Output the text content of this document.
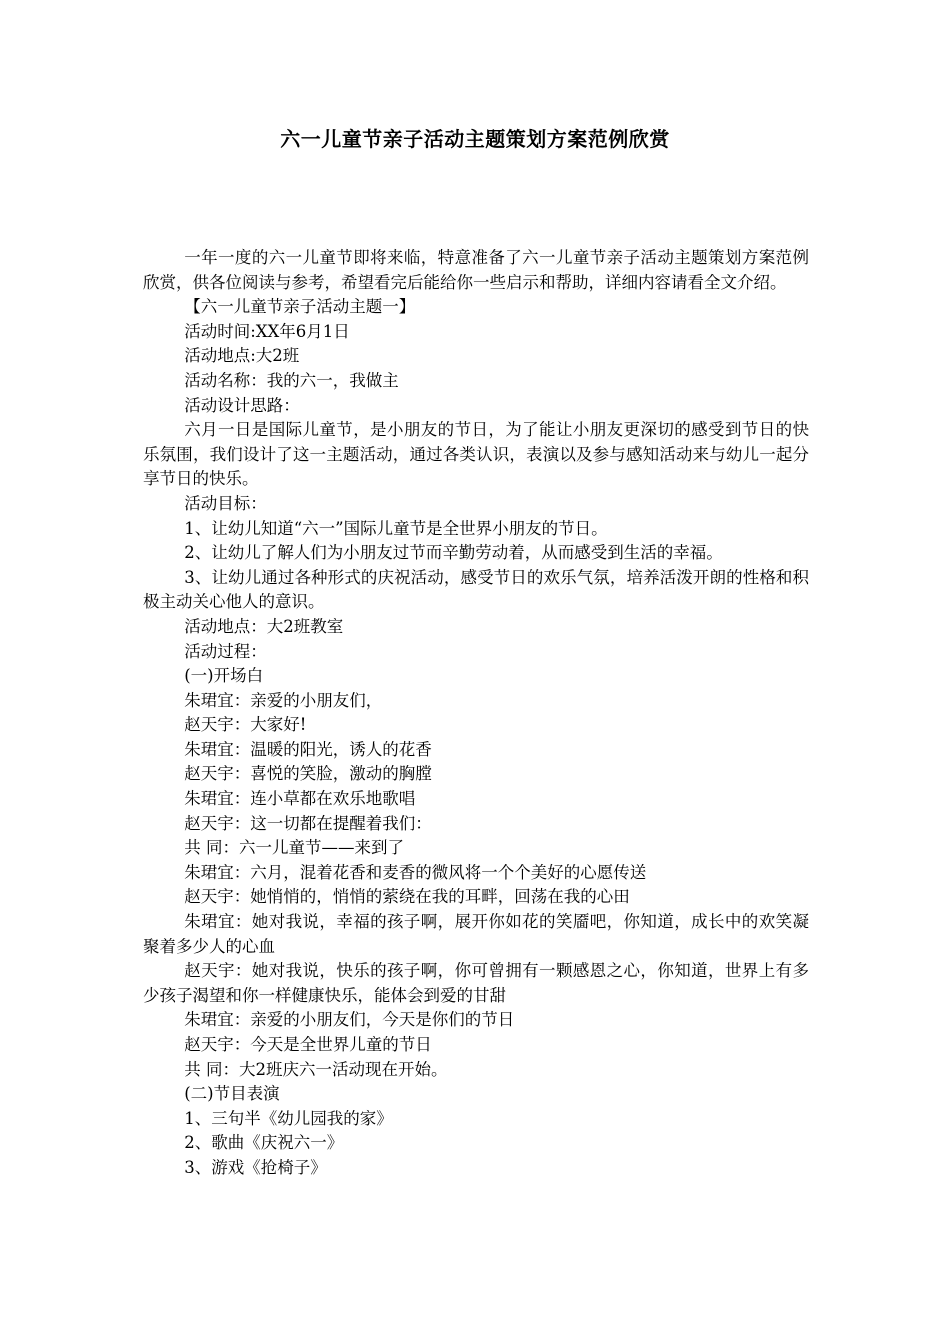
六一儿童节亲子活动主题策划方案范例欣赏

一年一度的六一儿童节即将来临，特意准备了六一儿童节亲子活动主题策划方案范例欣赏，供各位阅读与参考，希望看完后能给你一些启示和帮助，详细内容请看全文介绍。

【六一儿童节亲子活动主题一】

活动时间:XX年6月1日

活动地点:大2班

活动名称：我的六一，我做主

活动设计思路：

六月一日是国际儿童节，是小朋友的节日，为了能让小朋友更深切的感受到节日的快乐氛围，我们设计了这一主题活动，通过各类认识，表演以及参与感知活动来与幼儿一起分享节日的快乐。

活动目标：

1、让幼儿知道“六一”国际儿童节是全世界小朋友的节日。

2、让幼儿了解人们为小朋友过节而辛勤劳动着，从而感受到生活的幸福。

3、让幼儿通过各种形式的庆祝活动，感受节日的欢乐气氛，培养活泼开朗的性格和积极主动关心他人的意识。

活动地点：大2班教室

活动过程：

(一)开场白

朱珺宜：亲爱的小朋友们，

赵天宇：大家好!

朱珺宜：温暖的阳光，诱人的花香

赵天宇：喜悦的笑脸，激动的胸膛

朱珺宜：连小草都在欢乐地歌唱

赵天宇：这一切都在提醒着我们：

共 同：六一儿童节——来到了

朱珺宜：六月，混着花香和麦香的微风将一个个美好的心愿传送

赵天宇：她悄悄的，悄悄的萦绕在我的耳畔，回荡在我的心田

朱珺宜：她对我说，幸福的孩子啊，展开你如花的笑靥吧，你知道，成长中的欢笑凝聚着多少人的心血

赵天宇：她对我说，快乐的孩子啊，你可曾拥有一颗感恩之心，你知道，世界上有多少孩子渴望和你一样健康快乐，能体会到爱的甘甜

朱珺宜：亲爱的小朋友们，今天是你们的节日

赵天宇：今天是全世界儿童的节日

共 同：大2班庆六一活动现在开始。

(二)节目表演

1、三句半《幼儿园我的家》

2、歌曲《庆祝六一》

3、游戏《抢椅子》
